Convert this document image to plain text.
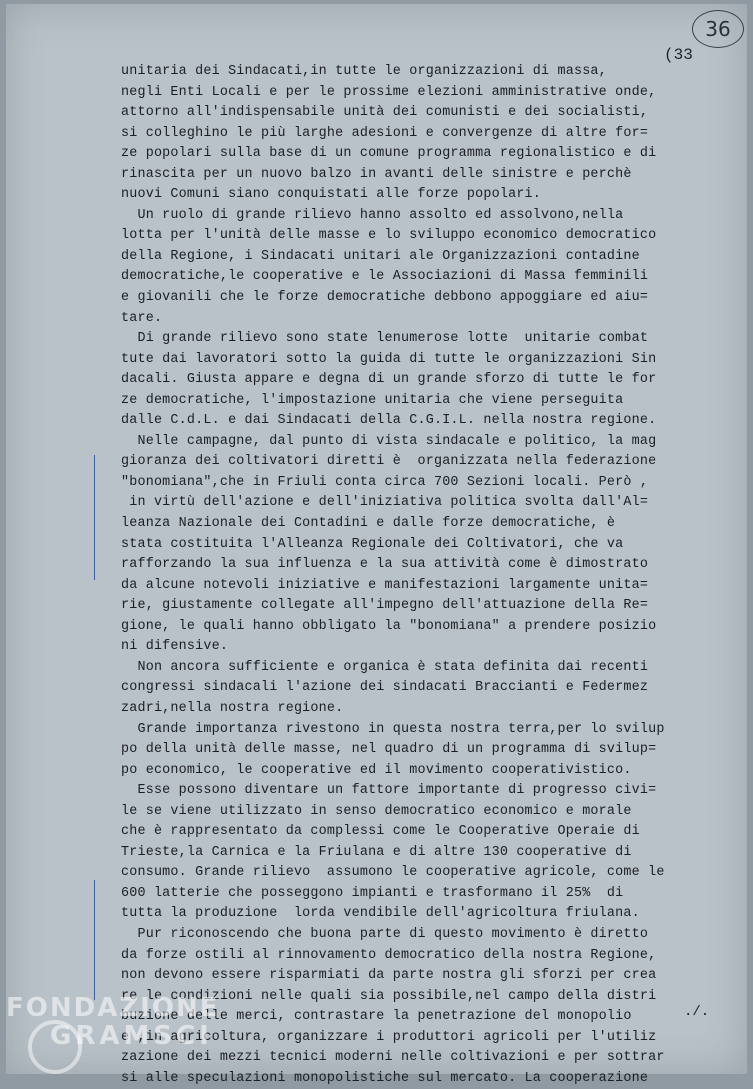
36
(33
unitaria dei Sindacati,in tutte le organizzazioni di massa,
negli Enti Locali e per le prossime elezioni amministrative onde,
attorno all'indispensabile unità dei comunisti e dei socialisti,
si colleghino le più larghe adesioni e convergenze di altre for=
ze popolari sulla base di un comune programma regionalistico e di
rinascita per un nuovo balzo in avanti delle sinistre e perchè
nuovi Comuni siano conquistati alle forze popolari.
Un ruolo di grande rilievo hanno assolto ed assolvono,nella
lotta per l'unità delle masse e lo sviluppo economico democratico
della Regione, i Sindacati unitari ale Organizzazioni contadine
democratiche,le cooperative e le Associazioni di Massa femminili
e giovanili che le forze democratiche debbono appoggiare ed aiu=
tare.
Di grande rilievo sono state lenumerose lotte  unitarie combat
tute dai lavoratori sotto la guida di tutte le organizzazioni Sin
dacali. Giusta appare e degna di un grande sforzo di tutte le for
ze democratiche, l'impostazione unitaria che viene perseguita
dalle C.d.L. e dai Sindacati della C.G.I.L. nella nostra regione.
Nelle campagne, dal punto di vista sindacale e politico, la mag
gioranza dei coltivatori diretti è  organizzata nella federazione
"bonomiana",che in Friuli conta circa 700 Sezioni locali. Però ,
in virtù dell'azione e dell'iniziativa politica svolta dall'Al=
leanza Nazionale dei Contadini e dalle forze democratiche, è
stata costituita l'Alleanza Regionale dei Coltivatori, che va
rafforzando la sua influenza e la sua attività come è dimostrato
da alcune notevoli iniziative e manifestazioni largamente unita=
rie, giustamente collegate all'impegno dell'attuazione della Re=
gione, le quali hanno obbligato la "bonomiana" a prendere posizio
ni difensive.
Non ancora sufficiente e organica è stata definita dai recenti
congressi sindacali l'azione dei sindacati Braccianti e Federmez
zadri,nella nostra regione.
Grande importanza rivestono in questa nostra terra,per lo svilup
po della unità delle masse, nel quadro di un programma di svilup=
po economico, le cooperative ed il movimento cooperativistico.
Esse possono diventare un fattore importante di progresso civi=
le se viene utilizzato in senso democratico economico e morale
che è rappresentato da complessi come le Cooperative Operaie di
Trieste,la Carnica e la Friulana e di altre 130 cooperative di
consumo. Grande rilievo  assumono le cooperative agricole, come le
600 latterie che posseggono impianti e trasformano il 25%  di
tutta la produzione  lorda vendibile dell'agricoltura friulana.
Pur riconoscendo che buona parte di questo movimento è diretto
da forze ostili al rinnovamento democratico della nostra Regione,
non devono essere risparmiati da parte nostra gli sforzi per crea
re le condizioni nelle quali sia possibile,nel campo della distri
buzione delle merci, contrastare la penetrazione del monopolio
e ,in agricoltura, organizzare i produttori agricoli per l'utiliz
zazione dei mezzi tecnici moderni nelle coltivazioni e per sottrar
si alle speculazioni monopolistiche sul mercato. La cooperazione
./.
FONDAZIONE
GRAMSCI
